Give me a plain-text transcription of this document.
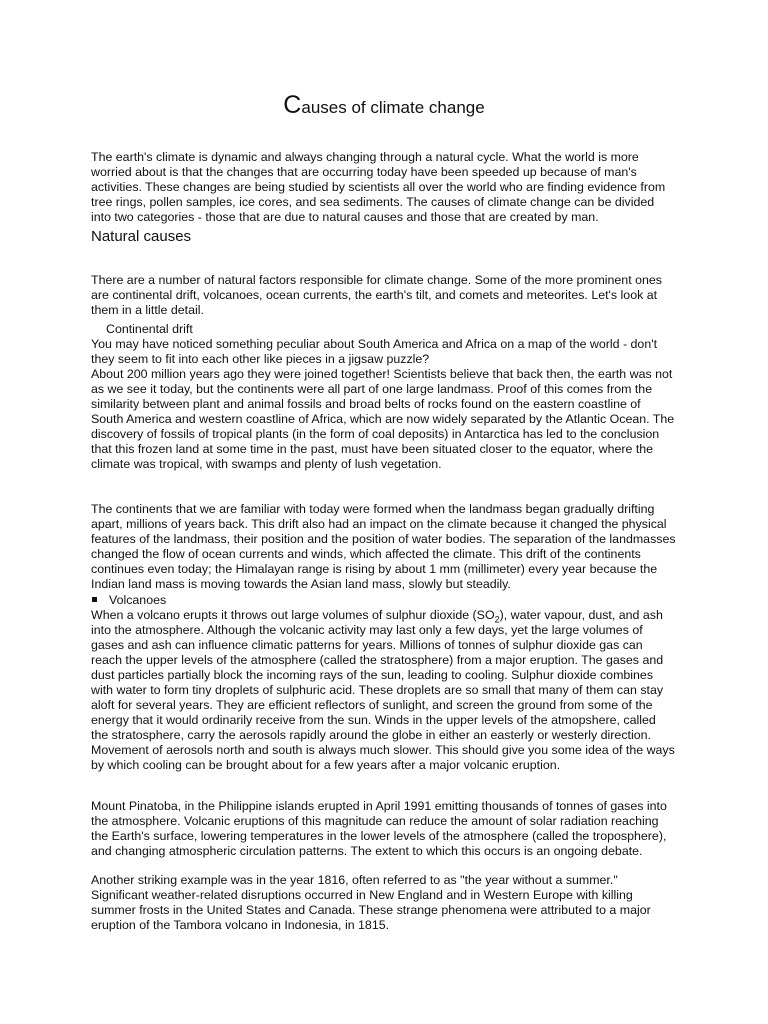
Causes of climate change

The earth's climate is dynamic and always changing through a natural cycle. What the world is more worried about is that the changes that are occurring today have been speeded up because of man's activities. These changes are being studied by scientists all over the world who are finding evidence from tree rings, pollen samples, ice cores, and sea sediments. The causes of climate change can be divided into two categories - those that are due to natural causes and those that are created by man.

Natural causes

There are a number of natural factors responsible for climate change. Some of the more prominent ones are continental drift, volcanoes, ocean currents, the earth's tilt, and comets and meteorites. Let's look at them in a little detail.

Continental drift

You may have noticed something peculiar about South America and Africa on a map of the world - don't they seem to fit into each other like pieces in a jigsaw puzzle?

About 200 million years ago they were joined together! Scientists believe that back then, the earth was not as we see it today, but the continents were all part of one large landmass. Proof of this comes from the similarity between plant and animal fossils and broad belts of rocks found on the eastern coastline of South America and western coastline of Africa, which are now widely separated by the Atlantic Ocean. The discovery of fossils of tropical plants (in the form of coal deposits) in Antarctica has led to the conclusion that this frozen land at some time in the past, must have been situated closer to the equator, where the climate was tropical, with swamps and plenty of lush vegetation.

The continents that we are familiar with today were formed when the landmass began gradually drifting apart, millions of years back. This drift also had an impact on the climate because it changed the physical features of the landmass, their position and the position of water bodies. The separation of the landmasses changed the flow of ocean currents and winds, which affected the climate. This drift of the continents continues even today; the Himalayan range is rising by about 1 mm (millimeter) every year because the Indian land mass is moving towards the Asian land mass, slowly but steadily.

Volcanoes

When a volcano erupts it throws out large volumes of sulphur dioxide $(SO_2)$, water vapour, dust, and ash into the atmosphere. Although the volcanic activity may last only a few days, yet the large volumes of gases and ash can influence climatic patterns for years. Millions of tonnes of sulphur dioxide gas can reach the upper levels of the atmosphere (called the stratosphere) from a major eruption. The gases and dust particles partially block the incoming rays of the sun, leading to cooling. Sulphur dioxide combines with water to form tiny droplets of sulphuric acid. These droplets are so small that many of them can stay aloft for several years. They are efficient reflectors of sunlight, and screen the ground from some of the energy that it would ordinarily receive from the sun. Winds in the upper levels of the atmopshere, called the stratosphere, carry the aerosols rapidly around the globe in either an easterly or westerly direction. Movement of aerosols north and south is always much slower. This should give you some idea of the ways by which cooling can be brought about for a few years after a major volcanic eruption.

Mount Pinatoba, in the Philippine islands erupted in April 1991 emitting thousands of tonnes of gases into the atmosphere. Volcanic eruptions of this magnitude can reduce the amount of solar radiation reaching the Earth's surface, lowering temperatures in the lower levels of the atmosphere (called the troposphere), and changing atmospheric circulation patterns. The extent to which this occurs is an ongoing debate.

Another striking example was in the year 1816, often referred to as "the year without a summer." Significant weather-related disruptions occurred in New England and in Western Europe with killing summer frosts in the United States and Canada. These strange phenomena were attributed to a major eruption of the Tambora volcano in Indonesia, in 1815.
